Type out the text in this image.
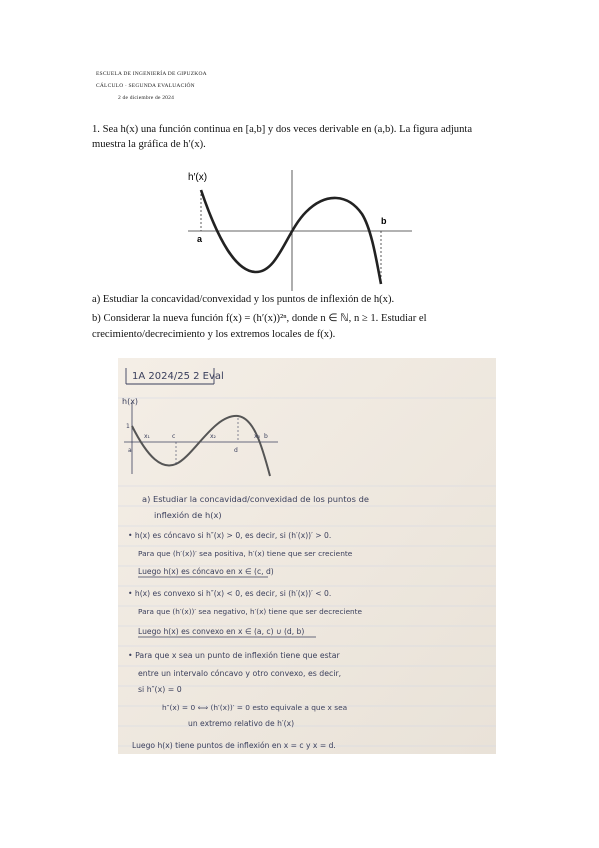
ESCUELA DE INGENIERÍA DE GIPUZKOA
CÁLCULO · SEGUNDA EVALUACIÓN
2 de diciembre de 2024
1. Sea h(x) una función continua en [a,b] y dos veces derivable en (a,b). La figura adjunta
muestra la gráfica de h′(x).
h′(x)
a
b
a) Estudiar la concavidad/convexidad y los puntos de inflexión de h(x).
b) Considerar la nueva función f(x) = (h′(x))²ⁿ, donde n ∈ ℕ, n ≥ 1. Estudiar el
crecimiento/decrecimiento y los extremos locales de f(x).
1A 2024/25 2 Eval
h(x)
1
x₁	c	x₂	x₃ b
a	d
a) Estudiar la concavidad/convexidad de los puntos de
inflexión de h(x)
• h(x) es cóncavo si h″(x) > 0, es decir, si (h′(x))′ > 0.
Para que (h′(x))′ sea positiva, h′(x) tiene que ser creciente
Luego h(x) es cóncavo en x ∈ (c, d)
• h(x) es convexo si h″(x) < 0, es decir, si (h′(x))′ < 0.
Para que (h′(x))′ sea negativo, h′(x) tiene que ser decreciente
Luego h(x) es convexo en x ∈ (a, c) ∪ (d, b)
• Para que x sea un punto de inflexión tiene que estar
entre un intervalo cóncavo y otro convexo, es decir,
si h″(x) = 0
h″(x) = 0 ⟺ (h′(x))′ = 0 esto equivale a que x sea
un extremo relativo de h′(x)
Luego h(x) tiene puntos de inflexión en x = c y x = d.
